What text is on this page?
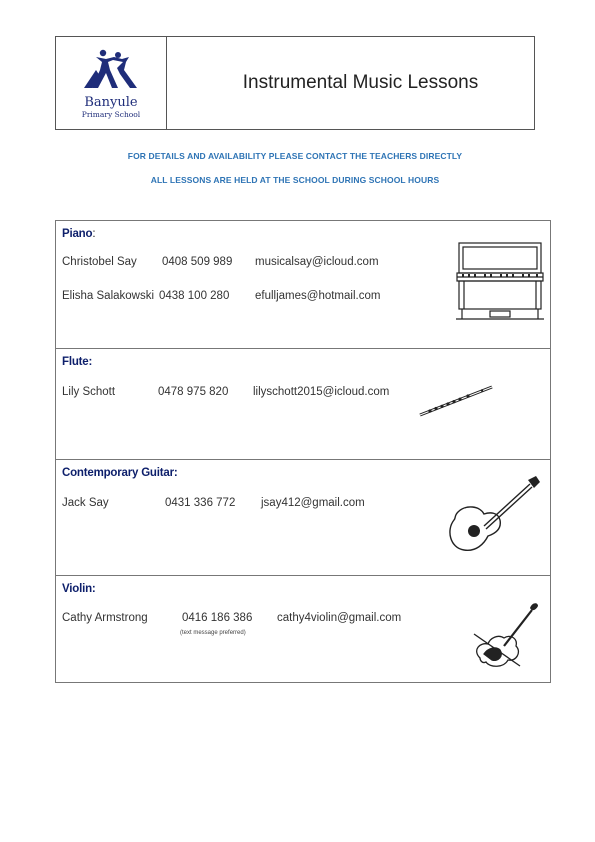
Banyule
Primary School
Instrumental Music Lessons
FOR DETAILS AND AVAILABILITY PLEASE CONTACT THE TEACHERS DIRECTLY
ALL LESSONS ARE HELD AT THE SCHOOL DURING SCHOOL HOURS
Piano:
Christobel Say 0408 509 989 musicalsay@icloud.com
Elisha Salakowski 0438 100 280 efulljames@hotmail.com
Flute:
Lily Schott	0478 975 820 lilyschott2015@icloud.com
Contemporary Guitar:
Jack Say	0431 336 772 jsay412@gmail.com
Violin:
Cathy Armstrong	0416 186 386 cathy4violin@gmail.com
(text message preferred)
